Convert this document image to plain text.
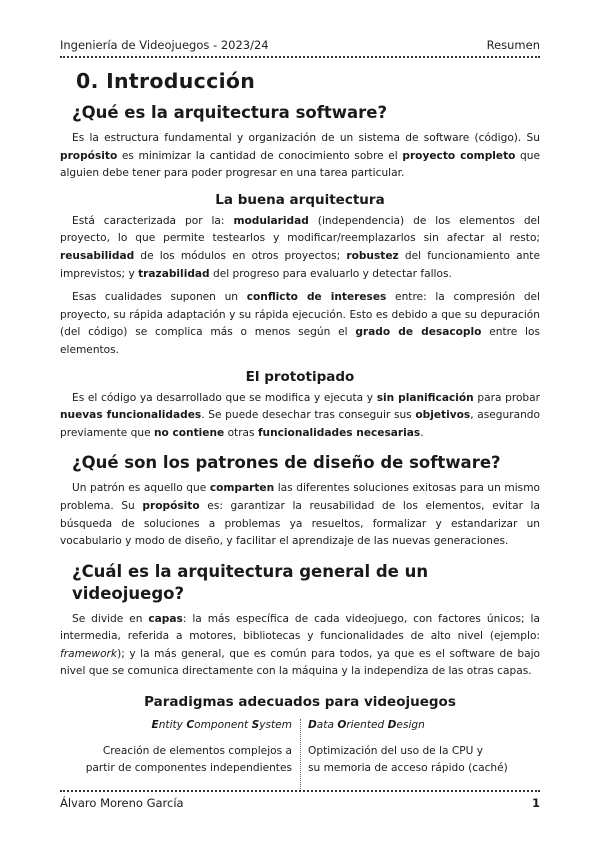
Ingeniería de Videojuegos - 2023/24	Resumen
0. Introducción
¿Qué es la arquitectura software?

Es la estructura fundamental y organización de un sistema de software (código). Su propósito es minimizar la cantidad de conocimiento sobre el proyecto completo que alguien debe tener para poder progresar en una tarea particular.

La buena arquitectura

Está caracterizada por la: modularidad (independencia) de los elementos del proyecto, lo que permite testearlos y modificar/reemplazarlos sin afectar al resto; reusabilidad de los módulos en otros proyectos; robustez del funcionamiento ante imprevistos; y trazabilidad del progreso para evaluarlo y detectar fallos.

Esas cualidades suponen un conflicto de intereses entre: la compresión del proyecto, su rápida adaptación y su rápida ejecución. Esto es debido a que su depuración (del código) se complica más o menos según el grado de desacoplo entre los elementos.

El prototipado

Es el código ya desarrollado que se modifica y ejecuta y sin planificación para probar nuevas funcionalidades. Se puede desechar tras conseguir sus objetivos, asegurando previamente que no contiene otras funcionalidades necesarias.

¿Qué son los patrones de diseño de software?

Un patrón es aquello que comparten las diferentes soluciones exitosas para un mismo problema. Su propósito es: garantizar la reusabilidad de los elementos, evitar la búsqueda de soluciones a problemas ya resueltos, formalizar y estandarizar un vocabulario y modo de diseño, y facilitar el aprendizaje de las nuevas generaciones.

¿Cuál es la arquitectura general de un videojuego?

Se divide en capas: la más específica de cada videojuego, con factores únicos; la intermedia, referida a motores, bibliotecas y funcionalidades de alto nivel (ejemplo: framework); y la más general, que es común para todos, ya que es el software de bajo nivel que se comunica directamente con la máquina y la independiza de las otras capas.

Paradigmas adecuados para videojuegos
Entity Component System
Creación de elementos complejos a
partir de componentes independientes
Data Oriented Design
Optimización del uso de la CPU y
su memoria de acceso rápido (caché)
Álvaro Moreno García	1
